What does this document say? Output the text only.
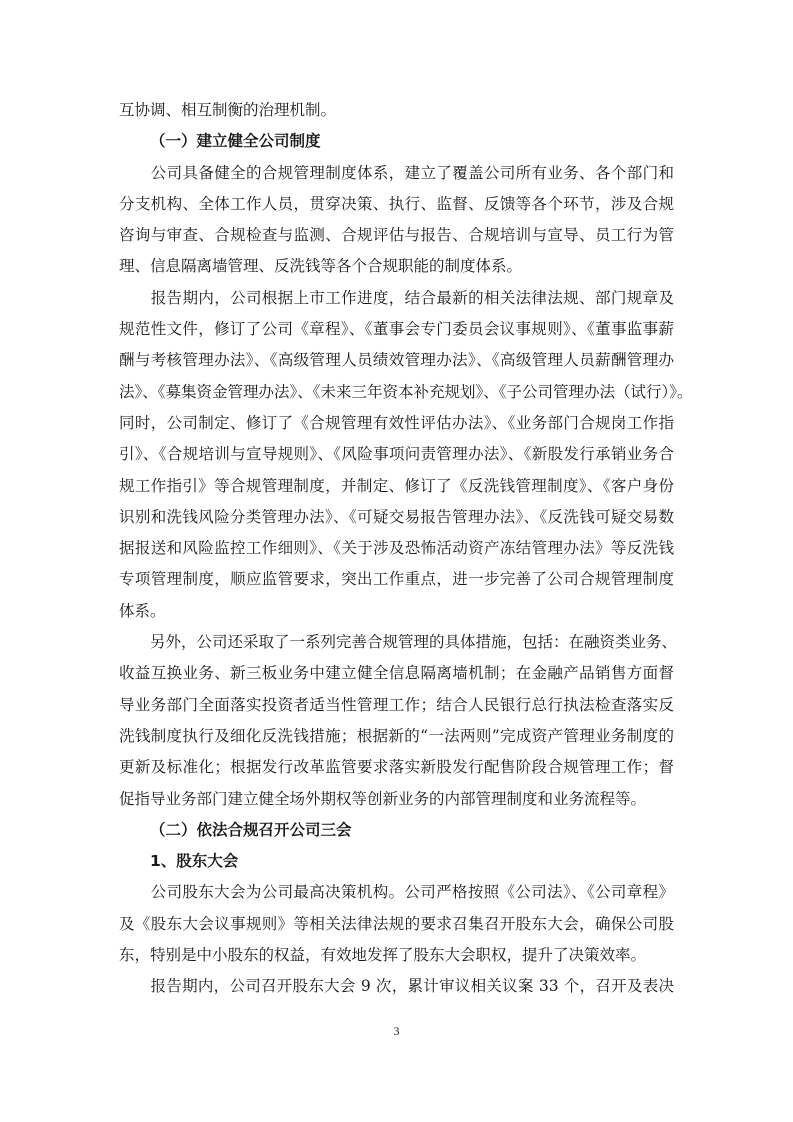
互协调、相互制衡的治理机制。
（一）建立健全公司制度
　　公司具备健全的合规管理制度体系，建立了覆盖公司所有业务、各个部门和
分支机构、全体工作人员，贯穿决策、执行、监督、反馈等各个环节，涉及合规
咨询与审查、合规检查与监测、合规评估与报告、合规培训与宣导、员工行为管
理、信息隔离墙管理、反洗钱等各个合规职能的制度体系。
　　报告期内，公司根据上市工作进度，结合最新的相关法律法规、部门规章及
规范性文件，修订了公司《章程》、《董事会专门委员会议事规则》、《董事监事薪
酬与考核管理办法》、《高级管理人员绩效管理办法》、《高级管理人员薪酬管理办
法》、《募集资金管理办法》、《未来三年资本补充规划》、《子公司管理办法（试行）》。
同时，公司制定、修订了《合规管理有效性评估办法》、《业务部门合规岗工作指
引》、《合规培训与宣导规则》、《风险事项问责管理办法》、《新股发行承销业务合
规工作指引》等合规管理制度，并制定、修订了《反洗钱管理制度》、《客户身份
识别和洗钱风险分类管理办法》、《可疑交易报告管理办法》、《反洗钱可疑交易数
据报送和风险监控工作细则》、《关于涉及恐怖活动资产冻结管理办法》等反洗钱
专项管理制度，顺应监管要求，突出工作重点，进一步完善了公司合规管理制度
体系。
　　另外，公司还采取了一系列完善合规管理的具体措施，包括：在融资类业务、
收益互换业务、新三板业务中建立健全信息隔离墙机制；在金融产品销售方面督
导业务部门全面落实投资者适当性管理工作；结合人民银行总行执法检查落实反
洗钱制度执行及细化反洗钱措施；根据新的“一法两则”完成资产管理业务制度的
更新及标准化；根据发行改革监管要求落实新股发行配售阶段合规管理工作；督
促指导业务部门建立健全场外期权等创新业务的内部管理制度和业务流程等。
（二）依法合规召开公司三会
1、股东大会
　　公司股东大会为公司最高决策机构。公司严格按照《公司法》、《公司章程》
及《股东大会议事规则》等相关法律法规的要求召集召开股东大会，确保公司股
东，特别是中小股东的权益，有效地发挥了股东大会职权，提升了决策效率。
　　报告期内，公司召开股东大会 9 次，累计审议相关议案 33 个，召开及表决
3
